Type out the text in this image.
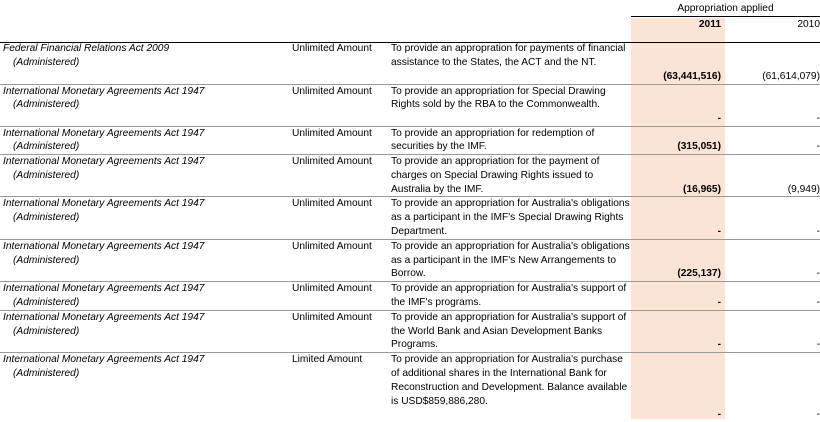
Appropriation applied
2011	2010
Federal Financial Relations Act 2009
(Administered)	Unlimited Amount	To provide an appropration for payments of financial assistance to the States, the ACT and the NT.	(63,441,516)	(61,614,079)
International Monetary Agreements Act 1947
(Administered)	Unlimited Amount	To provide an appropriation for Special Drawing Rights sold by the RBA to the Commonwealth.	-	-
International Monetary Agreements Act 1947
(Administered)	Unlimited Amount	To provide an appropriation for redemption of securities by the IMF.	(315,051)	-
International Monetary Agreements Act 1947
(Administered)	Unlimited Amount	To provide an appropriation for the payment of charges on Special Drawing Rights issued to Australia by the IMF.	(16,965)	(9,949)
International Monetary Agreements Act 1947
(Administered)	Unlimited Amount	To provide an appropriation for Australia's obligations as a participant in the IMF's Special Drawing Rights Department.	-	-
International Monetary Agreements Act 1947
(Administered)	Unlimited Amount	To provide an appropriation for Australia's obligations as a participant in the IMF's New Arrangements to Borrow.	(225,137)	-
International Monetary Agreements Act 1947
(Administered)	Unlimited Amount	To provide an appropriation for Australia's support of the IMF's programs.	-	-
International Monetary Agreements Act 1947
(Administered)	Unlimited Amount	To provide an appropriation for Australia's support of the World Bank and Asian Development Banks Programs.	-	-
International Monetary Agreements Act 1947
(Administered)	Limited Amount	To provide an appropriation for Australia's purchase of additional shares in the International Bank for Reconstruction and Development. Balance available is USD$859,886,280.	-	-
